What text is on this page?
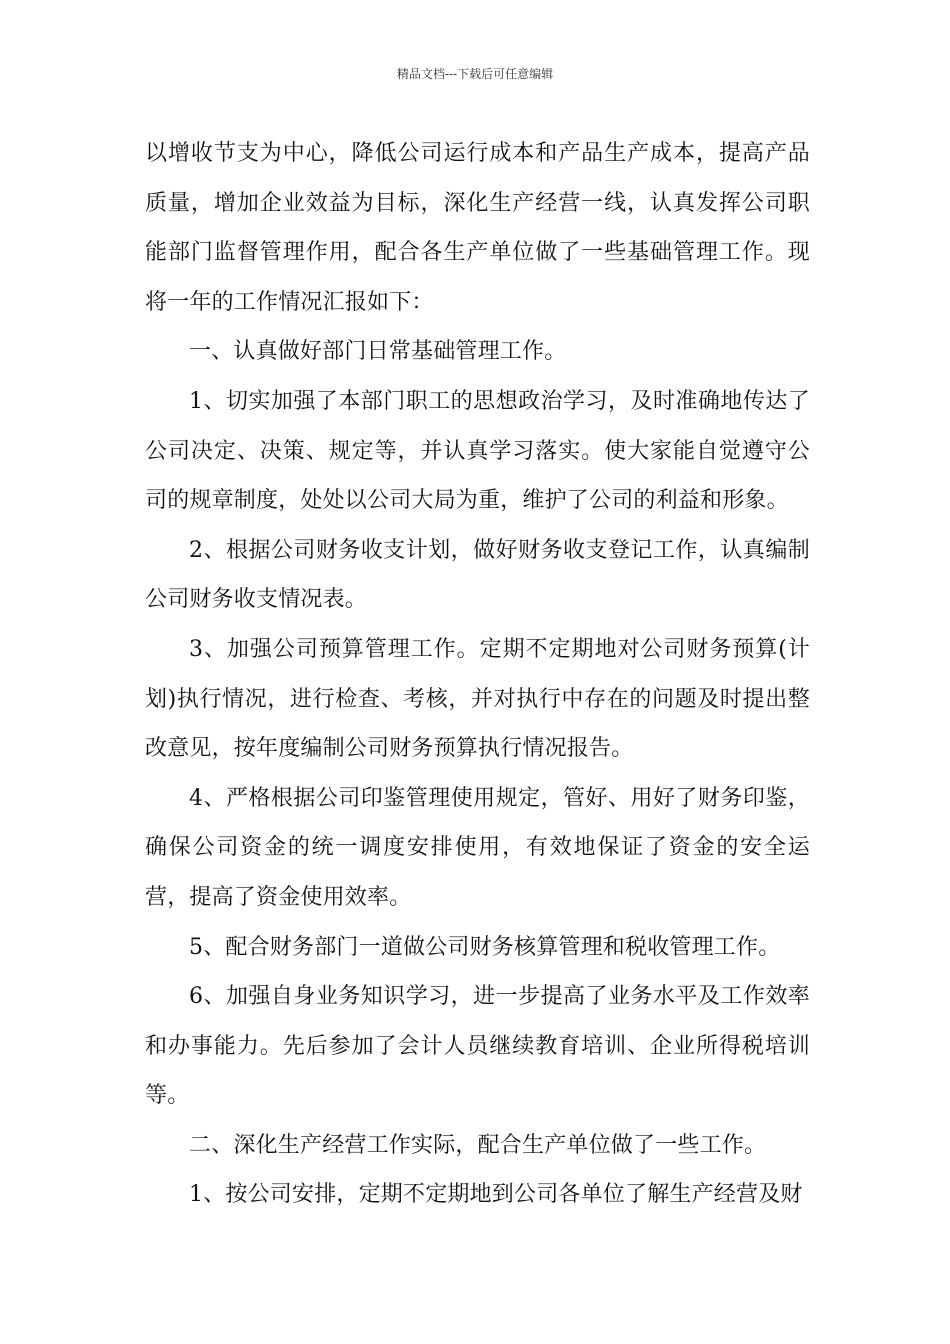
精品文档---下载后可任意编辑

以增收节支为中心，降低公司运行成本和产品生产成本，提高产品质量，增加企业效益为目标，深化生产经营一线，认真发挥公司职能部门监督管理作用，配合各生产单位做了一些基础管理工作。现将一年的工作情况汇报如下：

一、认真做好部门日常基础管理工作。

1、切实加强了本部门职工的思想政治学习，及时准确地传达了公司决定、决策、规定等，并认真学习落实。使大家能自觉遵守公司的规章制度，处处以公司大局为重，维护了公司的利益和形象。

2、根据公司财务收支计划，做好财务收支登记工作，认真编制公司财务收支情况表。

3、加强公司预算管理工作。定期不定期地对公司财务预算(计划)执行情况，进行检查、考核，并对执行中存在的问题及时提出整改意见，按年度编制公司财务预算执行情况报告。

4、严格根据公司印鉴管理使用规定，管好、用好了财务印鉴，确保公司资金的统一调度安排使用，有效地保证了资金的安全运营，提高了资金使用效率。

5、配合财务部门一道做公司财务核算管理和税收管理工作。

6、加强自身业务知识学习，进一步提高了业务水平及工作效率和办事能力。先后参加了会计人员继续教育培训、企业所得税培训等。

二、深化生产经营工作实际，配合生产单位做了一些工作。

1、按公司安排，定期不定期地到公司各单位了解生产经营及财
